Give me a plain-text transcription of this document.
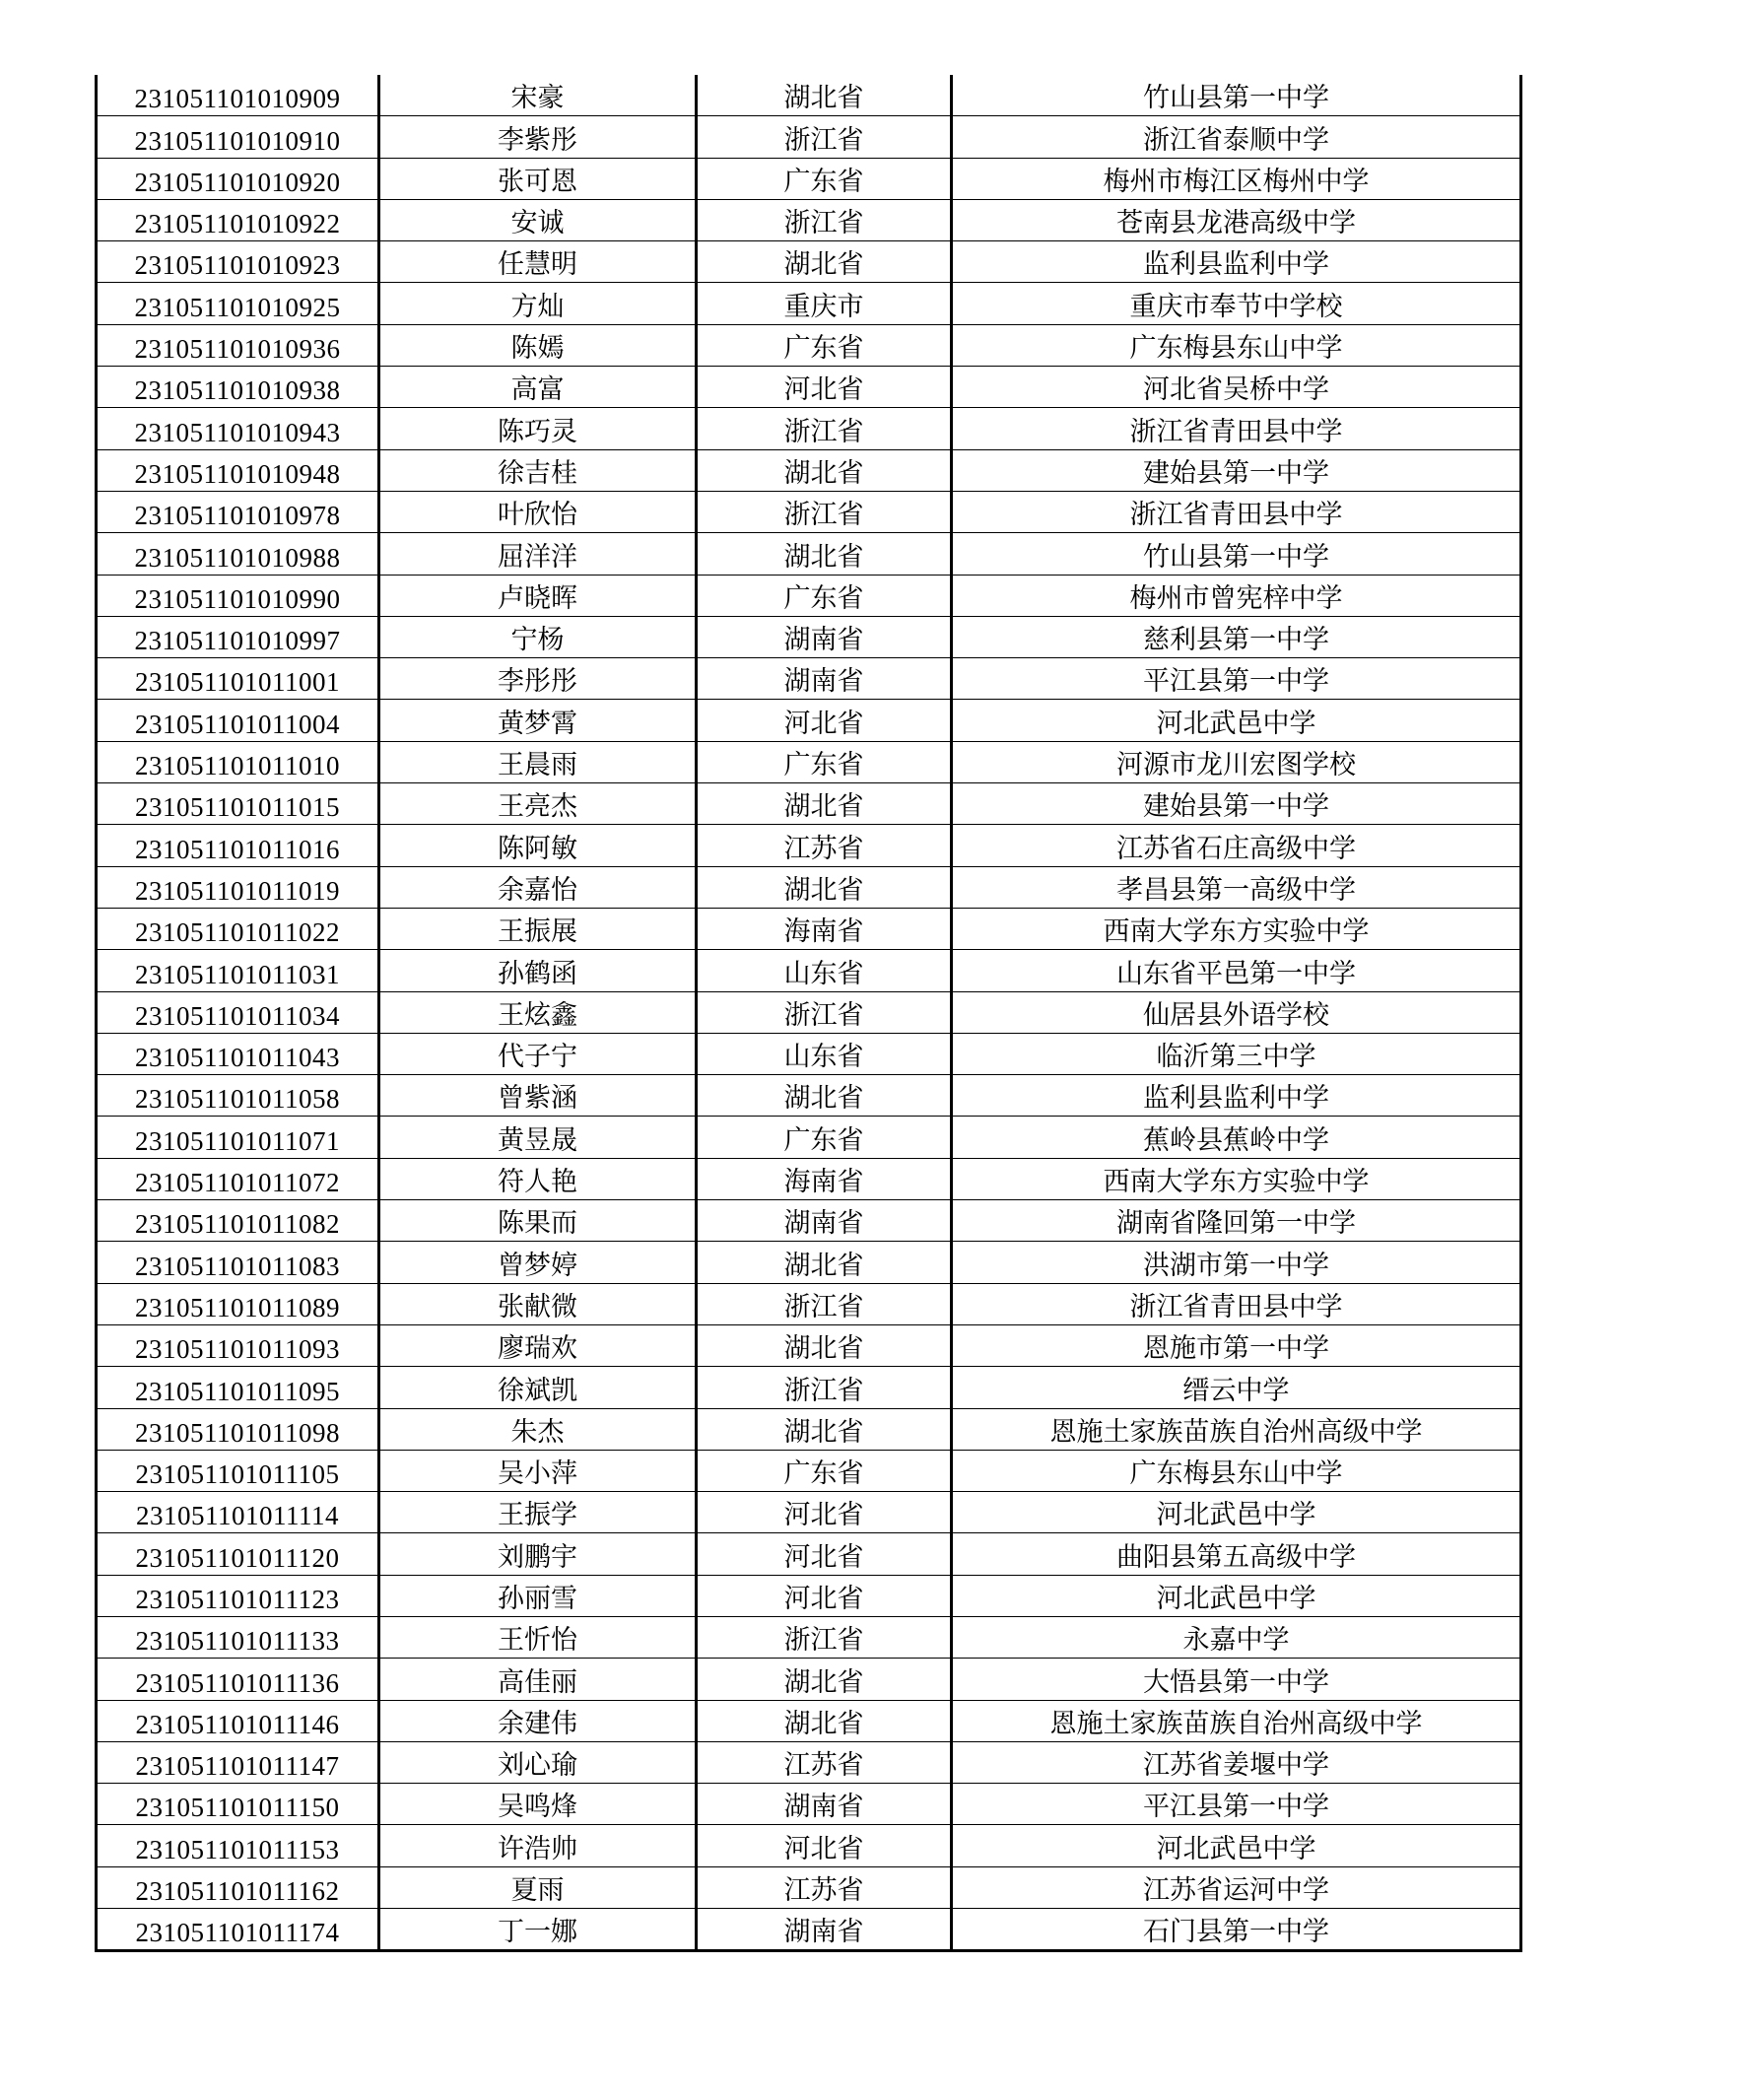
231051101010909	宋豪	湖北省	竹山县第一中学
231051101010910	李紫彤	浙江省	浙江省泰顺中学
231051101010920	张可恩	广东省	梅州市梅江区梅州中学
231051101010922	安诚	浙江省	苍南县龙港高级中学
231051101010923	任慧明	湖北省	监利县监利中学
231051101010925	方灿	重庆市	重庆市奉节中学校
231051101010936	陈嫣	广东省	广东梅县东山中学
231051101010938	高富	河北省	河北省吴桥中学
231051101010943	陈巧灵	浙江省	浙江省青田县中学
231051101010948	徐吉桂	湖北省	建始县第一中学
231051101010978	叶欣怡	浙江省	浙江省青田县中学
231051101010988	屈洋洋	湖北省	竹山县第一中学
231051101010990	卢晓晖	广东省	梅州市曾宪梓中学
231051101010997	宁杨	湖南省	慈利县第一中学
231051101011001	李彤彤	湖南省	平江县第一中学
231051101011004	黄梦霄	河北省	河北武邑中学
231051101011010	王晨雨	广东省	河源市龙川宏图学校
231051101011015	王亮杰	湖北省	建始县第一中学
231051101011016	陈阿敏	江苏省	江苏省石庄高级中学
231051101011019	余嘉怡	湖北省	孝昌县第一高级中学
231051101011022	王振展	海南省	西南大学东方实验中学
231051101011031	孙鹤函	山东省	山东省平邑第一中学
231051101011034	王炫鑫	浙江省	仙居县外语学校
231051101011043	代子宁	山东省	临沂第三中学
231051101011058	曾紫涵	湖北省	监利县监利中学
231051101011071	黄昱晟	广东省	蕉岭县蕉岭中学
231051101011072	符人艳	海南省	西南大学东方实验中学
231051101011082	陈果而	湖南省	湖南省隆回第一中学
231051101011083	曾梦婷	湖北省	洪湖市第一中学
231051101011089	张献微	浙江省	浙江省青田县中学
231051101011093	廖瑞欢	湖北省	恩施市第一中学
231051101011095	徐斌凯	浙江省	缙云中学
231051101011098	朱杰	湖北省	恩施土家族苗族自治州高级中学
231051101011105	吴小萍	广东省	广东梅县东山中学
231051101011114	王振学	河北省	河北武邑中学
231051101011120	刘鹏宇	河北省	曲阳县第五高级中学
231051101011123	孙丽雪	河北省	河北武邑中学
231051101011133	王忻怡	浙江省	永嘉中学
231051101011136	高佳丽	湖北省	大悟县第一中学
231051101011146	余建伟	湖北省	恩施土家族苗族自治州高级中学
231051101011147	刘心瑜	江苏省	江苏省姜堰中学
231051101011150	吴鸣烽	湖南省	平江县第一中学
231051101011153	许浩帅	河北省	河北武邑中学
231051101011162	夏雨	江苏省	江苏省运河中学
231051101011174	丁一娜	湖南省	石门县第一中学
